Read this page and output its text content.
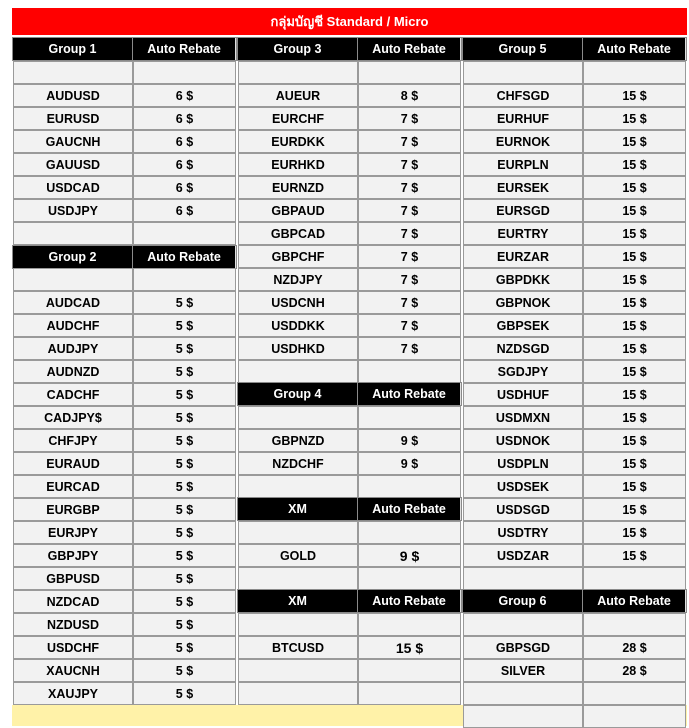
กลุ่มบัญชี Standard / Micro
Group 1	Auto Rebate
AUDUSD	6 $
EURUSD	6 $
GAUCNH	6 $
GAUUSD	6 $
USDCAD	6 $
USDJPY	6 $
Group 2	Auto Rebate
AUDCAD	5 $
AUDCHF	5 $
AUDJPY	5 $
AUDNZD	5 $
CADCHF	5 $
CADJPY$	5 $
CHFJPY	5 $
EURAUD	5 $
EURCAD	5 $
EURGBP	5 $
EURJPY	5 $
GBPJPY	5 $
GBPUSD	5 $
NZDCAD	5 $
NZDUSD	5 $
USDCHF	5 $
XAUCNH	5 $
XAUJPY	5 $
Group 3	Auto Rebate
AUEUR	8 $
EURCHF	7 $
EURDKK	7 $
EURHKD	7 $
EURNZD	7 $
GBPAUD	7 $
GBPCAD	7 $
GBPCHF	7 $
NZDJPY	7 $
USDCNH	7 $
USDDKK	7 $
USDHKD	7 $
Group 4	Auto Rebate
GBPNZD	9 $
NZDCHF	9 $
XM	Auto Rebate
GOLD	9 $
XM	Auto Rebate
BTCUSD	15 $
Group 5	Auto Rebate
CHFSGD	15 $
EURHUF	15 $
EURNOK	15 $
EURPLN	15 $
EURSEK	15 $
EURSGD	15 $
EURTRY	15 $
EURZAR	15 $
GBPDKK	15 $
GBPNOK	15 $
GBPSEK	15 $
NZDSGD	15 $
SGDJPY	15 $
USDHUF	15 $
USDMXN	15 $
USDNOK	15 $
USDPLN	15 $
USDSEK	15 $
USDSGD	15 $
USDTRY	15 $
USDZAR	15 $
Group 6	Auto Rebate
GBPSGD	28 $
SILVER	28 $
